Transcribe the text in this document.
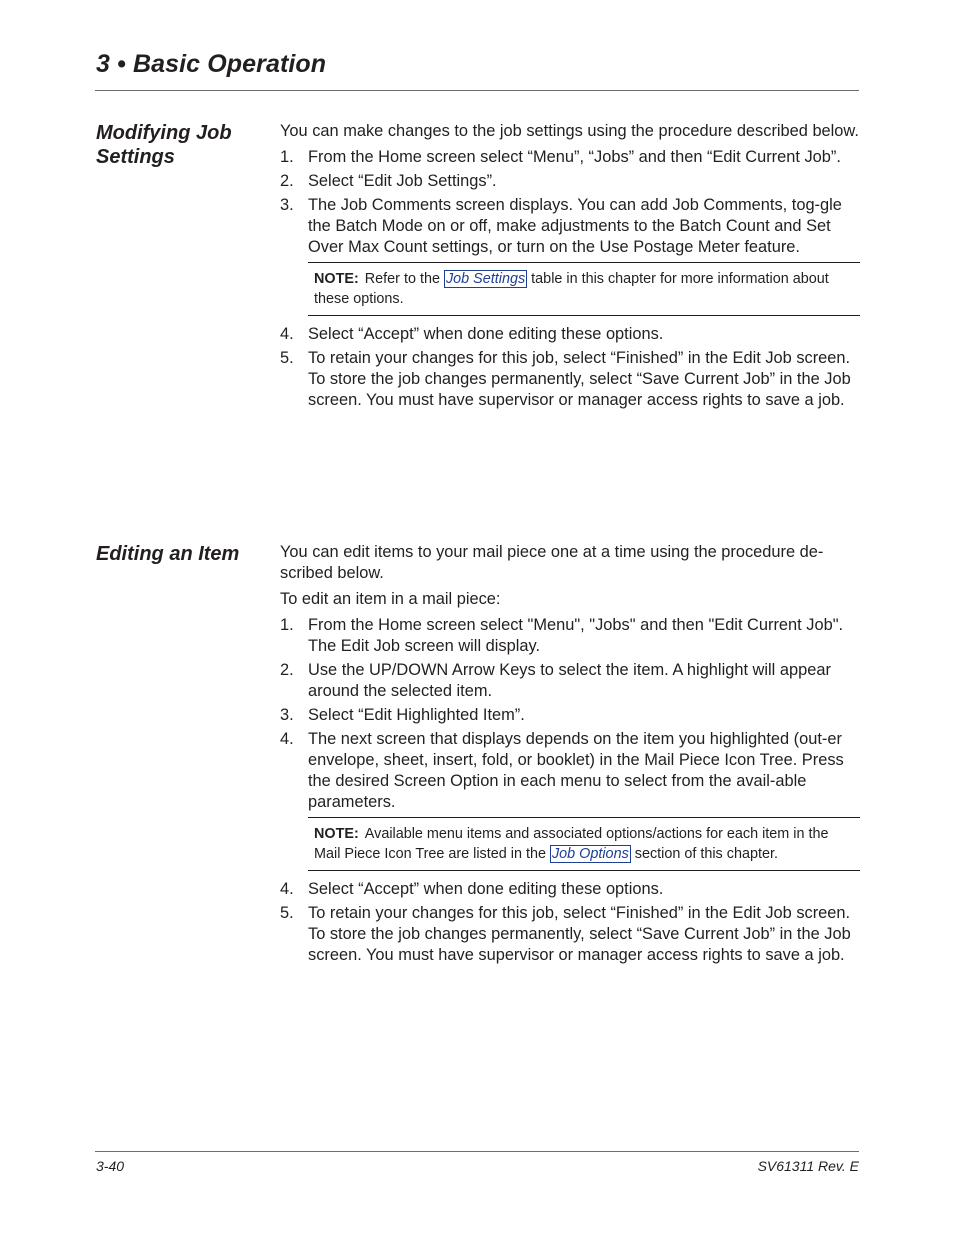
3 • Basic Operation
Modifying Job Settings

You can make changes to the job settings using the procedure described below.

1. From the Home screen select “Menu”, “Jobs” and then “Edit Current Job”.
2. Select “Edit Job Settings”.
3. The Job Comments screen displays. You can add Job Comments, tog-gle the Batch Mode on or off, make adjustments to the Batch Count and Set Over Max Count settings, or turn on the Use Postage Meter feature.
NOTE: Refer to the Job Settings table in this chapter for more information about these options.
4. Select “Accept” when done editing these options.
5. To retain your changes for this job, select “Finished” in the Edit Job screen. To store the job changes permanently, select “Save Current Job” in the Job screen. You must have supervisor or manager access rights to save a job.
Editing an Item	You can edit items to your mail piece one at a time using the procedure de-scribed below.

To edit an item in a mail piece:

1. From the Home screen select "Menu", "Jobs" and then "Edit Current Job". The Edit Job screen will display.
2. Use the UP/DOWN Arrow Keys to select the item. A highlight will appear around the selected item.
3. Select “Edit Highlighted Item”.
4. The next screen that displays depends on the item you highlighted (out-er envelope, sheet, insert, fold, or booklet) in the Mail Piece Icon Tree. Press the desired Screen Option in each menu to select from the avail-able parameters.
NOTE: Available menu items and associated options/actions for each item in the Mail Piece Icon Tree are listed in the Job Options section of this chapter.
4. Select “Accept” when done editing these options.
5. To retain your changes for this job, select “Finished” in the Edit Job screen. To store the job changes permanently, select “Save Current Job” in the Job screen. You must have supervisor or manager access rights to save a job.
3-40	SV61311 Rev. E
